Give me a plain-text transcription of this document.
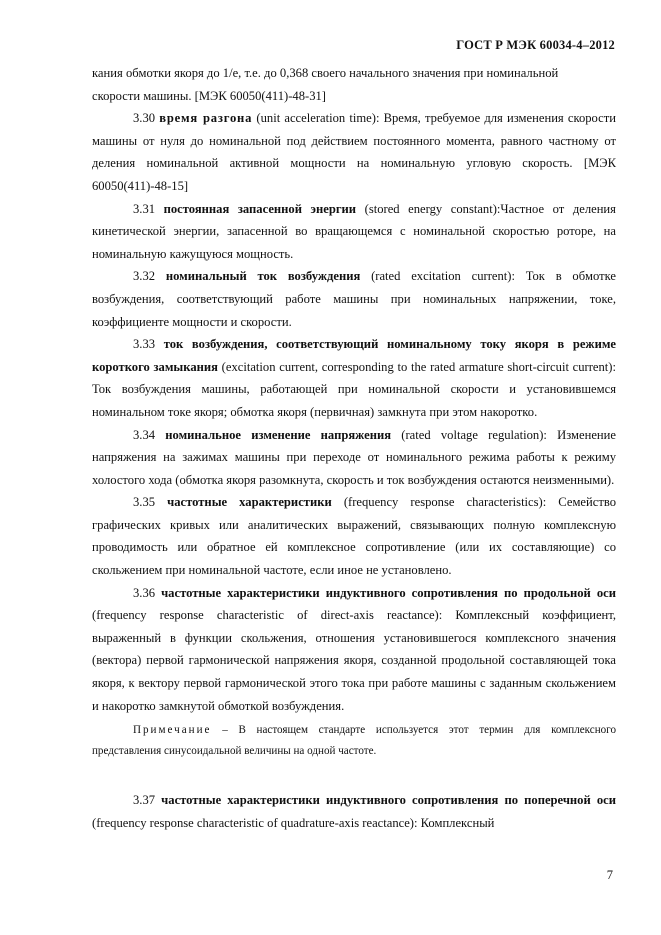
ГОСТ Р МЭК 60034-4–2012

кания обмотки якоря до 1/e, т.е. до 0,368 своего начального значения при номинальной
скорости машины. [МЭК 60050(411)-48-31]

3.30 время разгона (unit acceleration time): Время, требуемое для изменения скорости машины от нуля до номинальной под действием постоянного момента, равного частному от деления номинальной активной мощности на номинальную угловую скорость. [МЭК 60050(411)-48-15]

3.31 постоянная запасенной энергии (stored energy constant):Частное от деления кинетической энергии, запасенной во вращающемся с номинальной скоростью роторе, на номинальную кажущуюся мощность.

3.32 номинальный ток возбуждения (rated excitation current): Ток в обмотке возбуждения, соответствующий работе машины при номинальных напряжении, токе, коэффициенте мощности и скорости.

3.33 ток возбуждения, соответствующий номинальному току якоря в режиме короткого замыкания (excitation current, corresponding to the rated armature short-circuit current): Ток возбуждения машины, работающей при номинальной скорости и установившемся номинальном токе якоря; обмотка якоря (первичная) замкнута при этом накоротко.

3.34 номинальное изменение напряжения (rated voltage regulation): Изменение напряжения на зажимах машины при переходе от номинального режима работы к режиму холостого хода (обмотка якоря разомкнута, скорость и ток возбуждения остаются неизменными).

3.35 частотные характеристики (frequency response characteristics): Семейство графических кривых или аналитических выражений, связывающих полную комплексную проводимость или обратное ей комплексное сопротивление (или их составляющие) со скольжением при номинальной частоте, если иное не установлено.

3.36 частотные характеристики индуктивного сопротивления по продольной оси (frequency response characteristic of direct-axis reactance): Комплексный коэффициент, выраженный в функции скольжения, отношения установившегося комплексного значения (вектора) первой гармонической напряжения якоря, созданной продольной составляющей тока якоря, к вектору первой гармонической этого тока при работе машины с заданным скольжением и накоротко замкнутой обмоткой возбуждения.

Примечание – В настоящем стандарте используется этот термин для комплексного представления синусоидальной величины на одной частоте.

3.37 частотные характеристики индуктивного сопротивления по поперечной оси (frequency response characteristic of quadrature-axis reactance): Комплексный

7
